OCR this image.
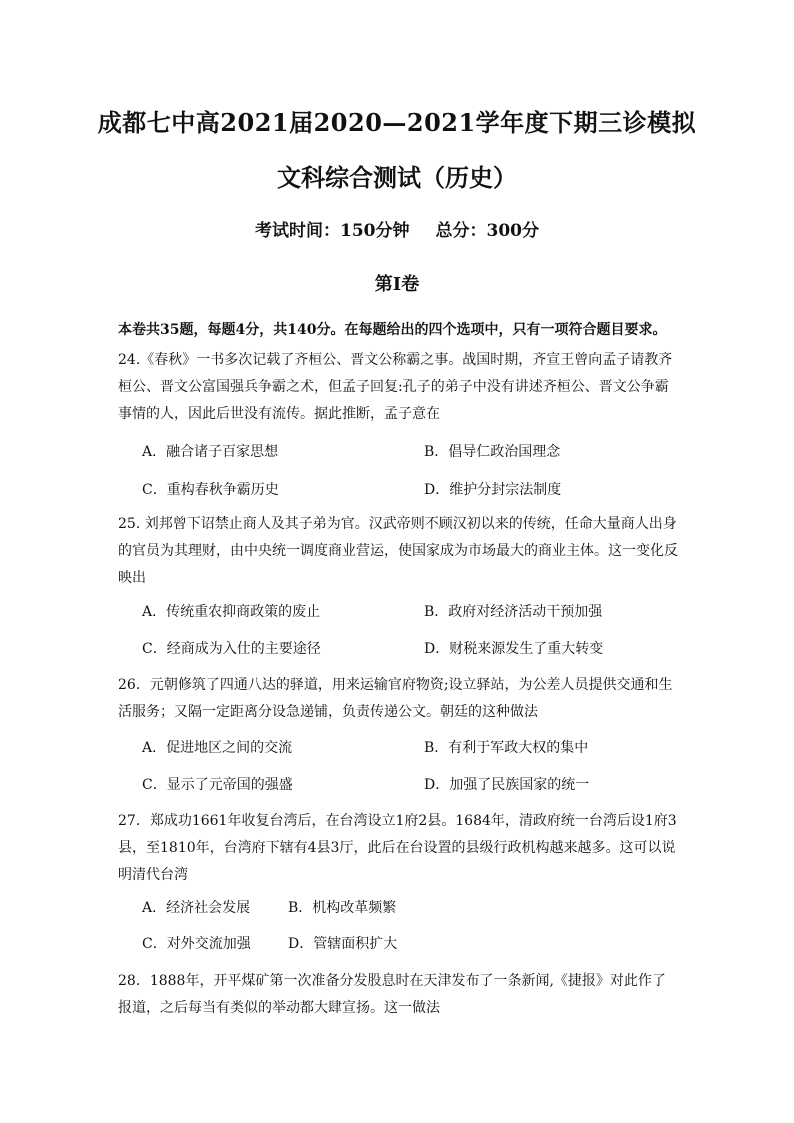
成都七中高2021届2020—2021学年度下期三诊模拟
文科综合测试（历史）
考试时间：150分钟 总分：300分
第Ⅰ卷
本卷共35题，每题4分，共140分。在每题给出的四个选项中，只有一项符合题目要求。
24.《春秋》一书多次记载了齐桓公、晋文公称霸之事。战国时期，齐宣王曾向孟子请教齐桓公、晋文公富国强兵争霸之术，但孟子回复:孔子的弟子中没有讲述齐桓公、晋文公争霸事情的人，因此后世没有流传。据此推断，孟子意在
A．融合诸子百家思想	B．倡导仁政治国理念
C．重构春秋争霸历史	D．维护分封宗法制度
25. 刘邦曾下诏禁止商人及其子弟为官。汉武帝则不顾汉初以来的传统，任命大量商人出身的官员为其理财，由中央统一调度商业营运，使国家成为市场最大的商业主体。这一变化反映出
A．传统重农抑商政策的废止	B．政府对经济活动干预加强
C．经商成为入仕的主要途径	D．财税来源发生了重大转变
26．元朝修筑了四通八达的驿道，用来运输官府物资;设立驿站，为公差人员提供交通和生活服务；又隔一定距离分设急递铺，负责传递公文。朝廷的这种做法
A．促进地区之间的交流	B．有利于军政大权的集中
C．显示了元帝国的强盛	D．加强了民族国家的统一
27．郑成功1661年收复台湾后，在台湾设立1府2县。1684年，清政府统一台湾后设1府3县，至1810年，台湾府下辖有4县3厅，此后在台设置的县级行政机构越来越多。这可以说明清代台湾
A．经济社会发展	B．机构改革频繁
C．对外交流加强	D．管辖面积扩大
28．1888年，开平煤矿第一次准备分发股息时在天津发布了一条新闻,《捷报》对此作了报道，之后每当有类似的举动都大肆宣扬。这一做法
